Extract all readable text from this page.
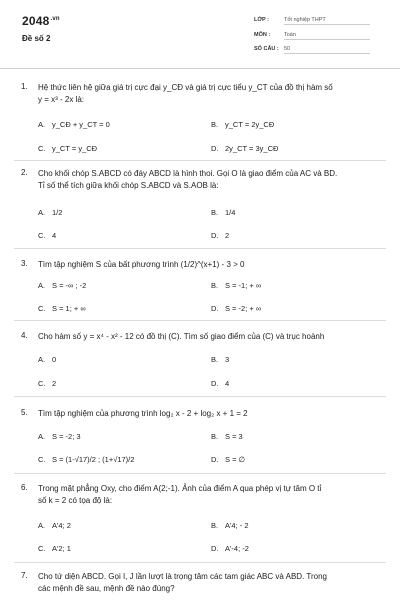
$2048^{.vn}$
Đề số 2
LỚP :	Tốt nghiệp THPT
MÔN :	Toán
SỐ CÂU : 50
1. Hệ thức liên hệ giữa giá trị cực đại y_CĐ và giá trị cực tiểu y_CT của đồ thị hàm số
y = x³ - 2x là:
A. y_CĐ + y_CT = 0	B. y_CT = 2y_CĐ
C. y_CT = y_CĐ	D. 2y_CT = 3y_CĐ
2. Cho khối chóp S.ABCD có đáy ABCD là hình thoi. Gọi O là giao điểm của AC và BD.
Tỉ số thể tích giữa khối chóp S.ABCD và S.AOB là:
A. 1/2	B. 1/4
C. 4	D. 2
3. Tìm tập nghiệm S của bất phương trình (1/2)^(x+1) - 3 > 0
A. S = -∞ ; -2	B. S = -1; + ∞
C. S = 1; + ∞	D. S = -2; + ∞
4. Cho hàm số y = x⁴ - x² - 12 có đồ thị (C). Tìm số giao điểm của (C) và trục hoành
A. 0	B. 3
C. 2	D. 4
5. Tìm tập nghiệm của phương trình log₂ x - 2 + log₂ x + 1 = 2
A. S = -2; 3	B. S = 3
C. S = (1-√17)/2 ; (1+√17)/2	D. S = ∅
6. Trong mặt phẳng Oxy, cho điểm A(2;-1). Ảnh của điểm A qua phép vị tự tâm O tỉ
số k = 2 có tọa độ là:
A. A'4; 2	B. A'4; - 2
C. A'2; 1	D. A'-4; -2
7. Cho tứ diện ABCD. Gọi I, J lần lượt là trọng tâm các tam giác ABC và ABD. Trong
các mệnh đề sau, mệnh đề nào đúng?
